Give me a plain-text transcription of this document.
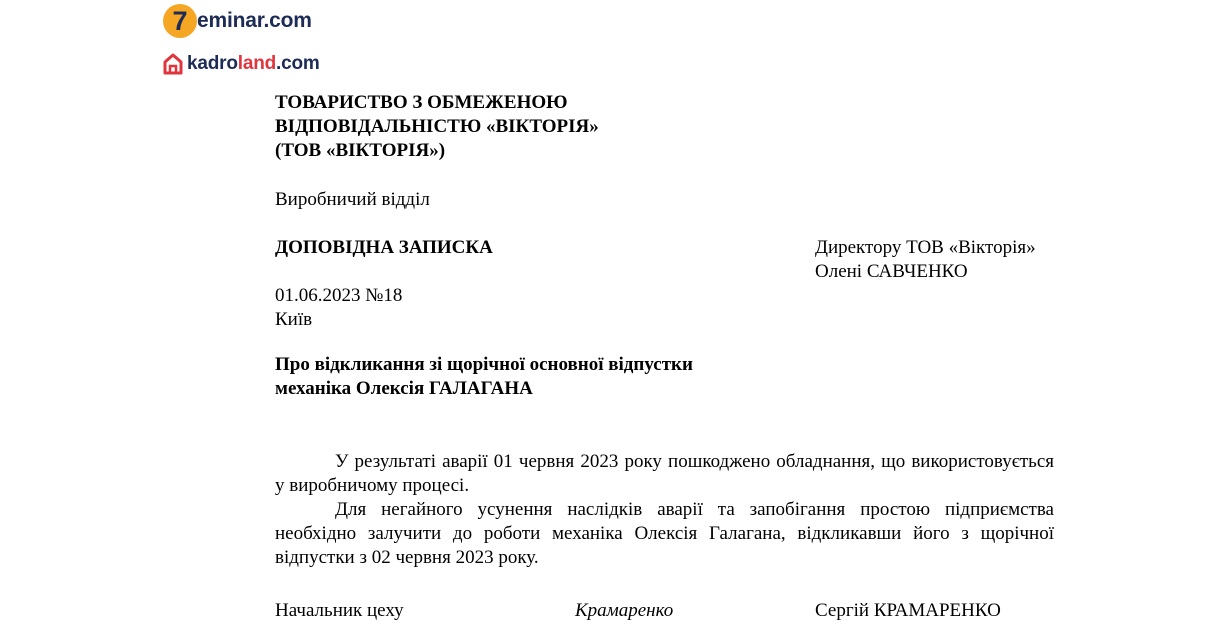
7 eminar.com
kadroland.com
ТОВАРИСТВО З ОБМЕЖЕНОЮ
ВІДПОВІДАЛЬНІСТЮ «ВІКТОРІЯ»
(ТОВ «ВІКТОРІЯ»)
Виробничий відділ
ДОПОВІДНА ЗАПИСКА	Директору ТОВ «Вікторія»
Олені САВЧЕНКО
01.06.2023 №18
Київ
Про відкликання зі щорічної основної відпустки
механіка Олексія ГАЛАГАНА

У результаті аварії 01 червня 2023 року пошкоджено обладнання, що використовується у виробничому процесі.

Для негайного усунення наслідків аварії та запобігання простою підприємства необхідно залучити до роботи механіка Олексія Галагана, відкликавши його з щорічної відпустки з 02 червня 2023 року.

Начальник цеху	Крамаренко	Сергій КРАМАРЕНКО
